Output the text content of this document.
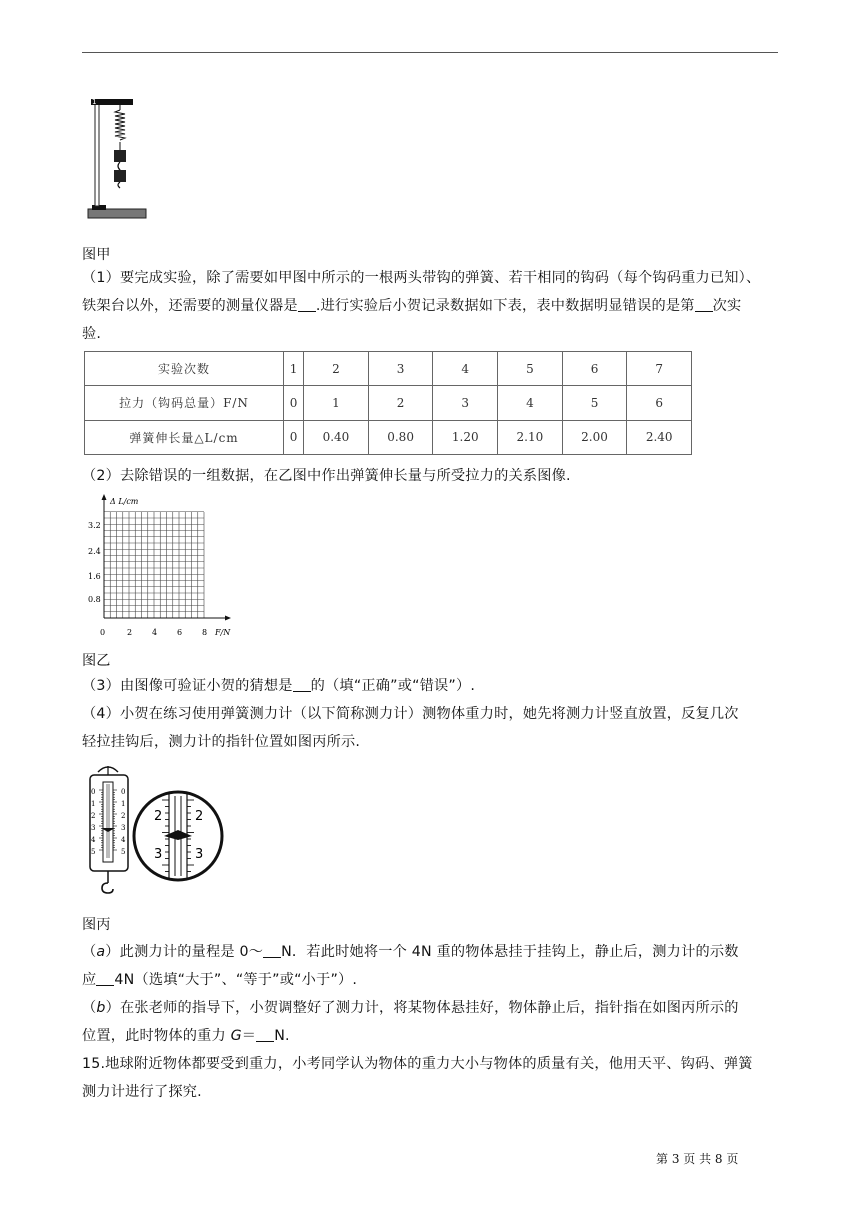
1
图甲
（1）要完成实验，除了需要如甲图中所示的一根两头带钩的弹簧、若干相同的钩码（每个钩码重力已知）、
铁架台以外，还需要的测量仪器是 .进行实验后小贺记录数据如下表，表中数据明显错误的是第 次实
验.
实验次数	1	2	3	4	5	6	7
拉力（钩码总量）F/N	0	1	2	3	4	5	6
弹簧伸长量△L/cm	0	0.40	0.80	1.20	2.10	2.00	2.40
（2）去除错误的一组数据，在乙图中作出弹簧伸长量与所受拉力的关系图像.
Δ L/cm
F/N
3.2
2.4
1.6
0.8
0	2 4 6 8
图乙
（3）由图像可验证小贺的猜想是 的（填“正确”或“错误”）.
（4）小贺在练习使用弹簧测力计（以下简称测力计）测物体重力时，她先将测力计竖直放置，反复几次
轻拉挂钩后，测力计的指针位置如图丙所示.
0
1
2
3
4
5
0
1
2
3
4
5
2
3
2
3
图丙
（a）此测力计的量程是 0～ N．若此时她将一个 4N 重的物体悬挂于挂钩上，静止后，测力计的示数
应 4N（选填“大于”、“等于”或“小于”）.
（b）在张老师的指导下，小贺调整好了测力计，将某物体悬挂好，物体静止后，指针指在如图丙所示的
位置，此时物体的重力 G＝ N.
15.地球附近物体都要受到重力，小考同学认为物体的重力大小与物体的质量有关，他用天平、钩码、弹簧
测力计进行了探究.
第 3 页 共 8 页
